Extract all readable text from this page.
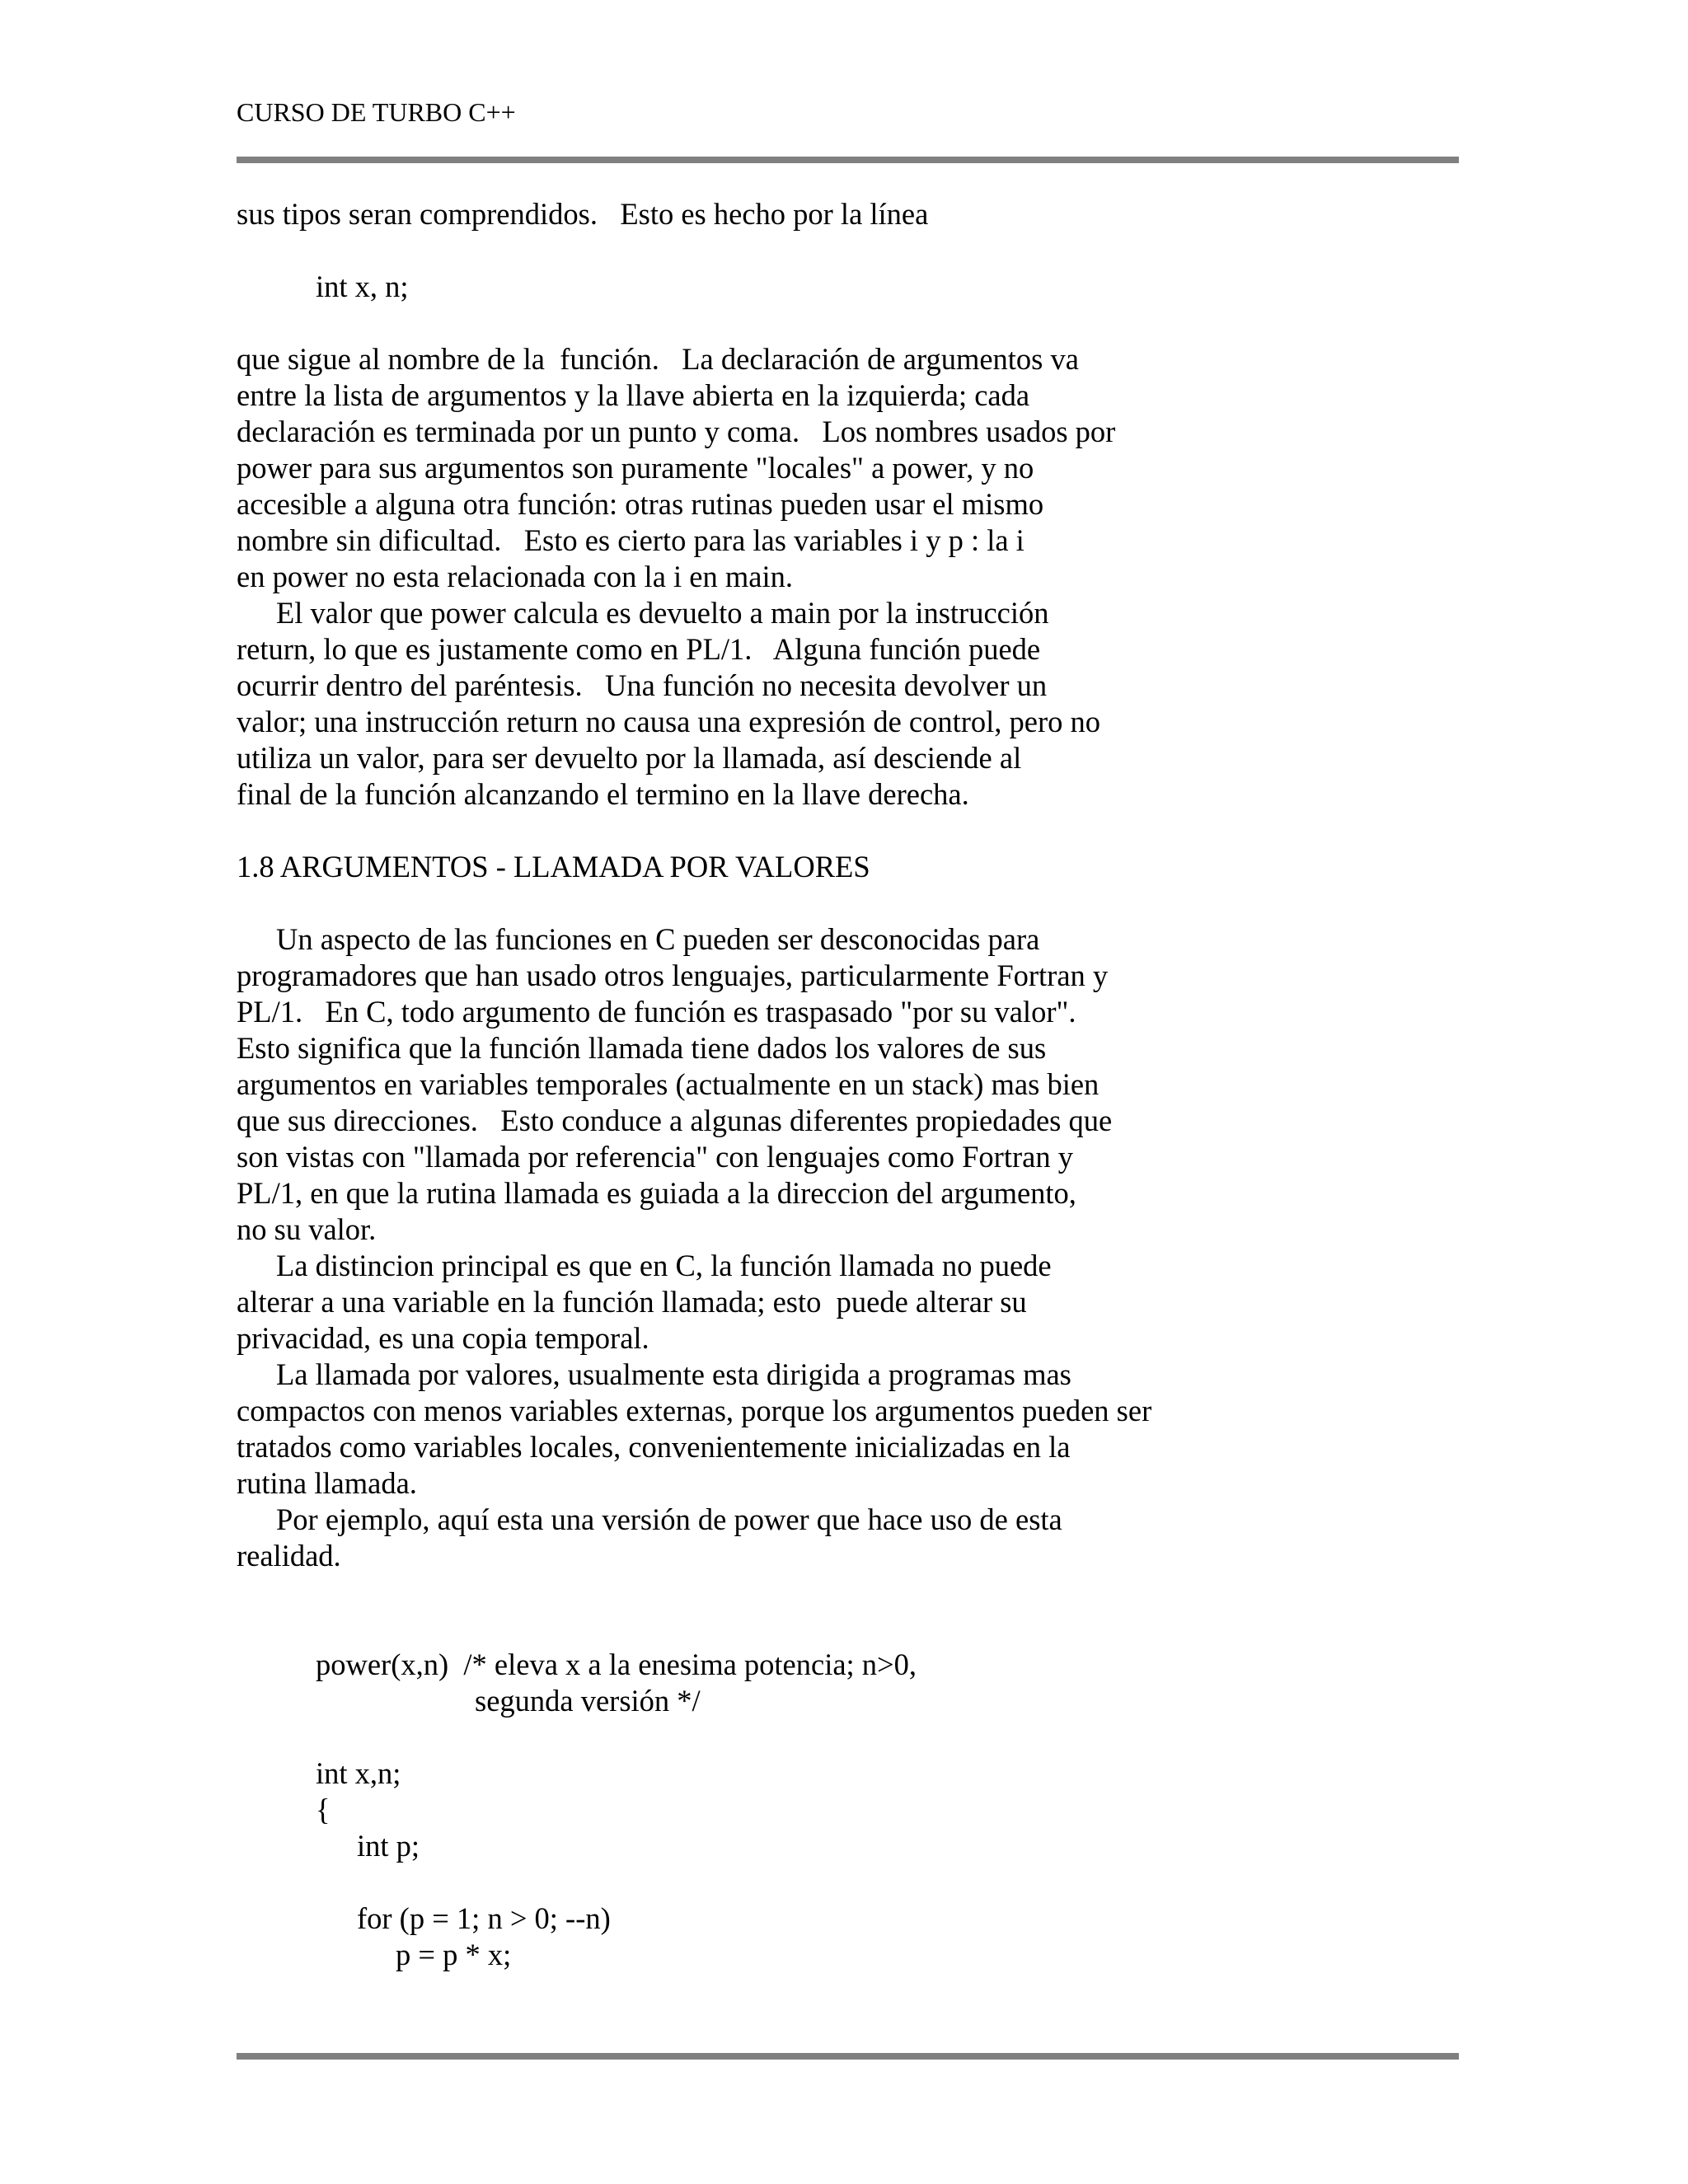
CURSO DE TURBO C++
sus tipos seran comprendidos.   Esto es hecho por la línea
int x, n;
que sigue al nombre de la  función.   La declaración de argumentos va
entre la lista de argumentos y la llave abierta en la izquierda; cada
declaración es terminada por un punto y coma.   Los nombres usados por
power para sus argumentos son puramente "locales" a power, y no
accesible a alguna otra función: otras rutinas pueden usar el mismo
nombre sin dificultad.   Esto es cierto para las variables i y p : la i
en power no esta relacionada con la i en main.
El valor que power calcula es devuelto a main por la instrucción
return, lo que es justamente como en PL/1.   Alguna función puede
ocurrir dentro del paréntesis.   Una función no necesita devolver un
valor; una instrucción return no causa una expresión de control, pero no
utiliza un valor, para ser devuelto por la llamada, así desciende al
final de la función alcanzando el termino en la llave derecha.
1.8 ARGUMENTOS - LLAMADA POR VALORES
Un aspecto de las funciones en C pueden ser desconocidas para
programadores que han usado otros lenguajes, particularmente Fortran y
PL/1.   En C, todo argumento de función es traspasado "por su valor".
Esto significa que la función llamada tiene dados los valores de sus
argumentos en variables temporales (actualmente en un stack) mas bien
que sus direcciones.   Esto conduce a algunas diferentes propiedades que
son vistas con "llamada por referencia" con lenguajes como Fortran y
PL/1, en que la rutina llamada es guiada a la direccion del argumento,
no su valor.
La distincion principal es que en C, la función llamada no puede
alterar a una variable en la función llamada; esto  puede alterar su
privacidad, es una copia temporal.
La llamada por valores, usualmente esta dirigida a programas mas
compactos con menos variables externas, porque los argumentos pueden ser
tratados como variables locales, convenientemente inicializadas en la
rutina llamada.
Por ejemplo, aquí esta una versión de power que hace uso de esta
realidad.
power(x,n)  /* eleva x a la enesima potencia; n>0,
segunda versión */
int x,n;
{
int p;
for (p = 1; n > 0; --n)
p = p * x;
